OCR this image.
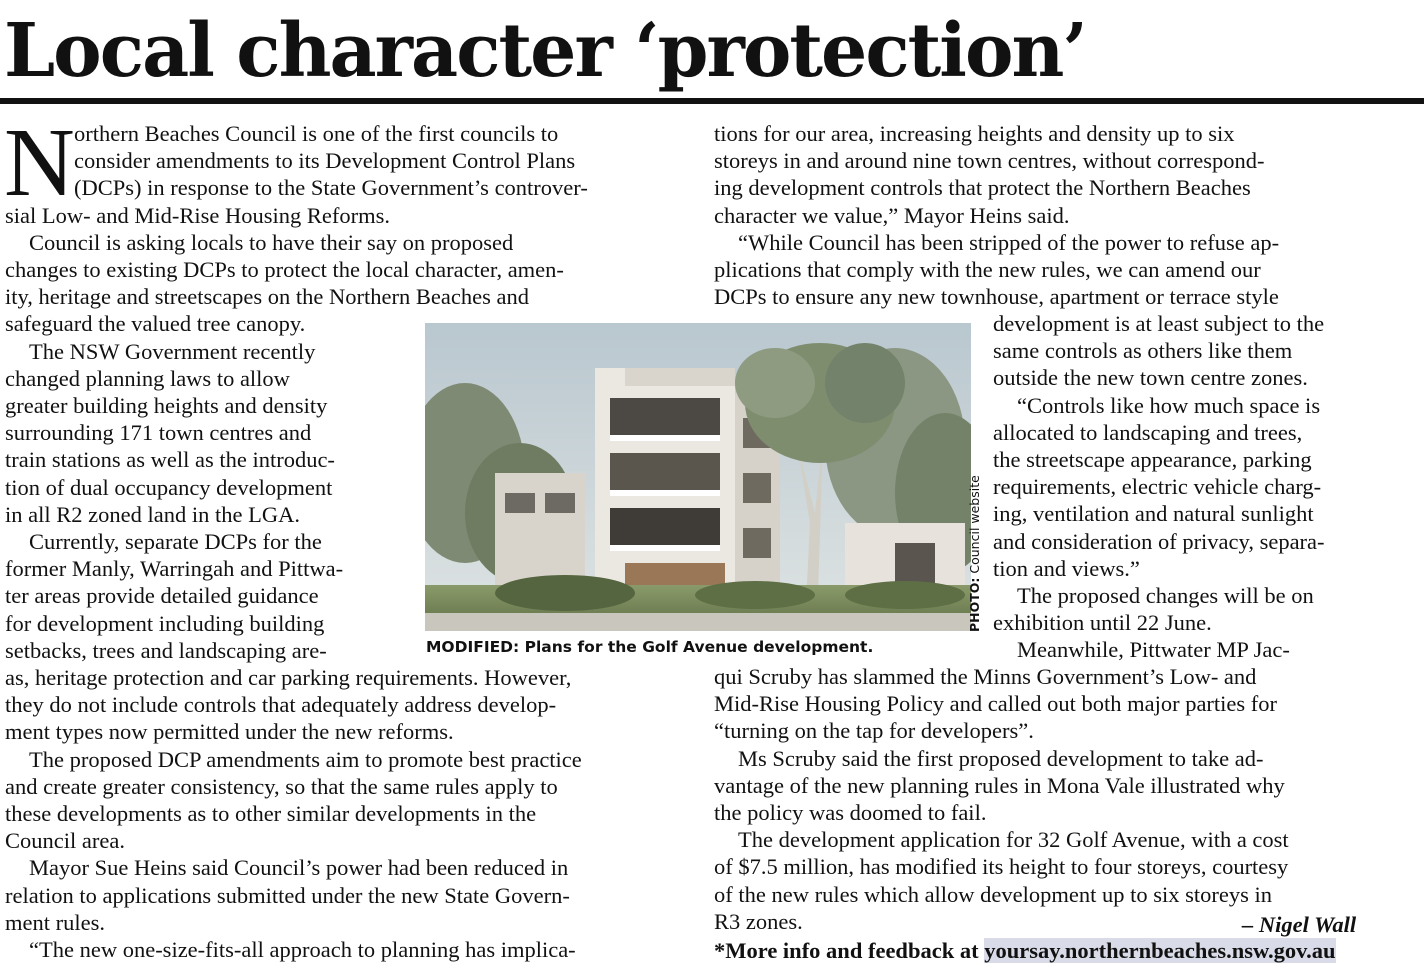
Local character ‘protection’
N orthern Beaches Council is one of the first councils to
consider amendments to its Development Control Plans
(DCPs) in response to the State Government’s controver-
sial Low- and Mid-Rise Housing Reforms.
Council is asking locals to have their say on proposed
changes to existing DCPs to protect the local character, amen-
ity, heritage and streetscapes on the Northern Beaches and
safeguard the valued tree canopy.
The NSW Government recently
changed planning laws to allow
greater building heights and density
surrounding 171 town centres and
train stations as well as the introduc-
tion of dual occupancy development
in all R2 zoned land in the LGA.
Currently, separate DCPs for the
former Manly, Warringah and Pittwa-
ter areas provide detailed guidance
for development including building
setbacks, trees and landscaping are-
as, heritage protection and car parking requirements. However,
they do not include controls that adequately address develop-
ment types now permitted under the new reforms.
The proposed DCP amendments aim to promote best practice
and create greater consistency, so that the same rules apply to
these developments as to other similar developments in the
Council area.
Mayor Sue Heins said Council’s power had been reduced in
relation to applications submitted under the new State Govern-
ment rules.
“The new one-size-fits-all approach to planning has implica-
tions for our area, increasing heights and density up to six
storeys in and around nine town centres, without correspond-
ing development controls that protect the Northern Beaches
character we value,” Mayor Heins said.
“While Council has been stripped of the power to refuse ap-
plications that comply with the new rules, we can amend our
DCPs to ensure any new townhouse, apartment or terrace style
development is at least subject to the
same controls as others like them
outside the new town centre zones.
“Controls like how much space is
allocated to landscaping and trees,
the streetscape appearance, parking
requirements, electric vehicle charg-
ing, ventilation and natural sunlight
and consideration of privacy, separa-
tion and views.”
The proposed changes will be on
exhibition until 22 June.
Meanwhile, Pittwater MP Jac-
qui Scruby has slammed the Minns Government’s Low- and
Mid-Rise Housing Policy and called out both major parties for
“turning on the tap for developers”.
Ms Scruby said the first proposed development to take ad-
vantage of the new planning rules in Mona Vale illustrated why
the policy was doomed to fail.
The development application for 32 Golf Avenue, with a cost
of $7.5 million, has modified its height to four storeys, courtesy
of the new rules which allow development up to six storeys in
R3 zones.
PHOTO: Council website
MODIFIED: Plans for the Golf Avenue development.
– Nigel Wall
*More info and feedback at yoursay.northernbeaches.nsw.gov.au
